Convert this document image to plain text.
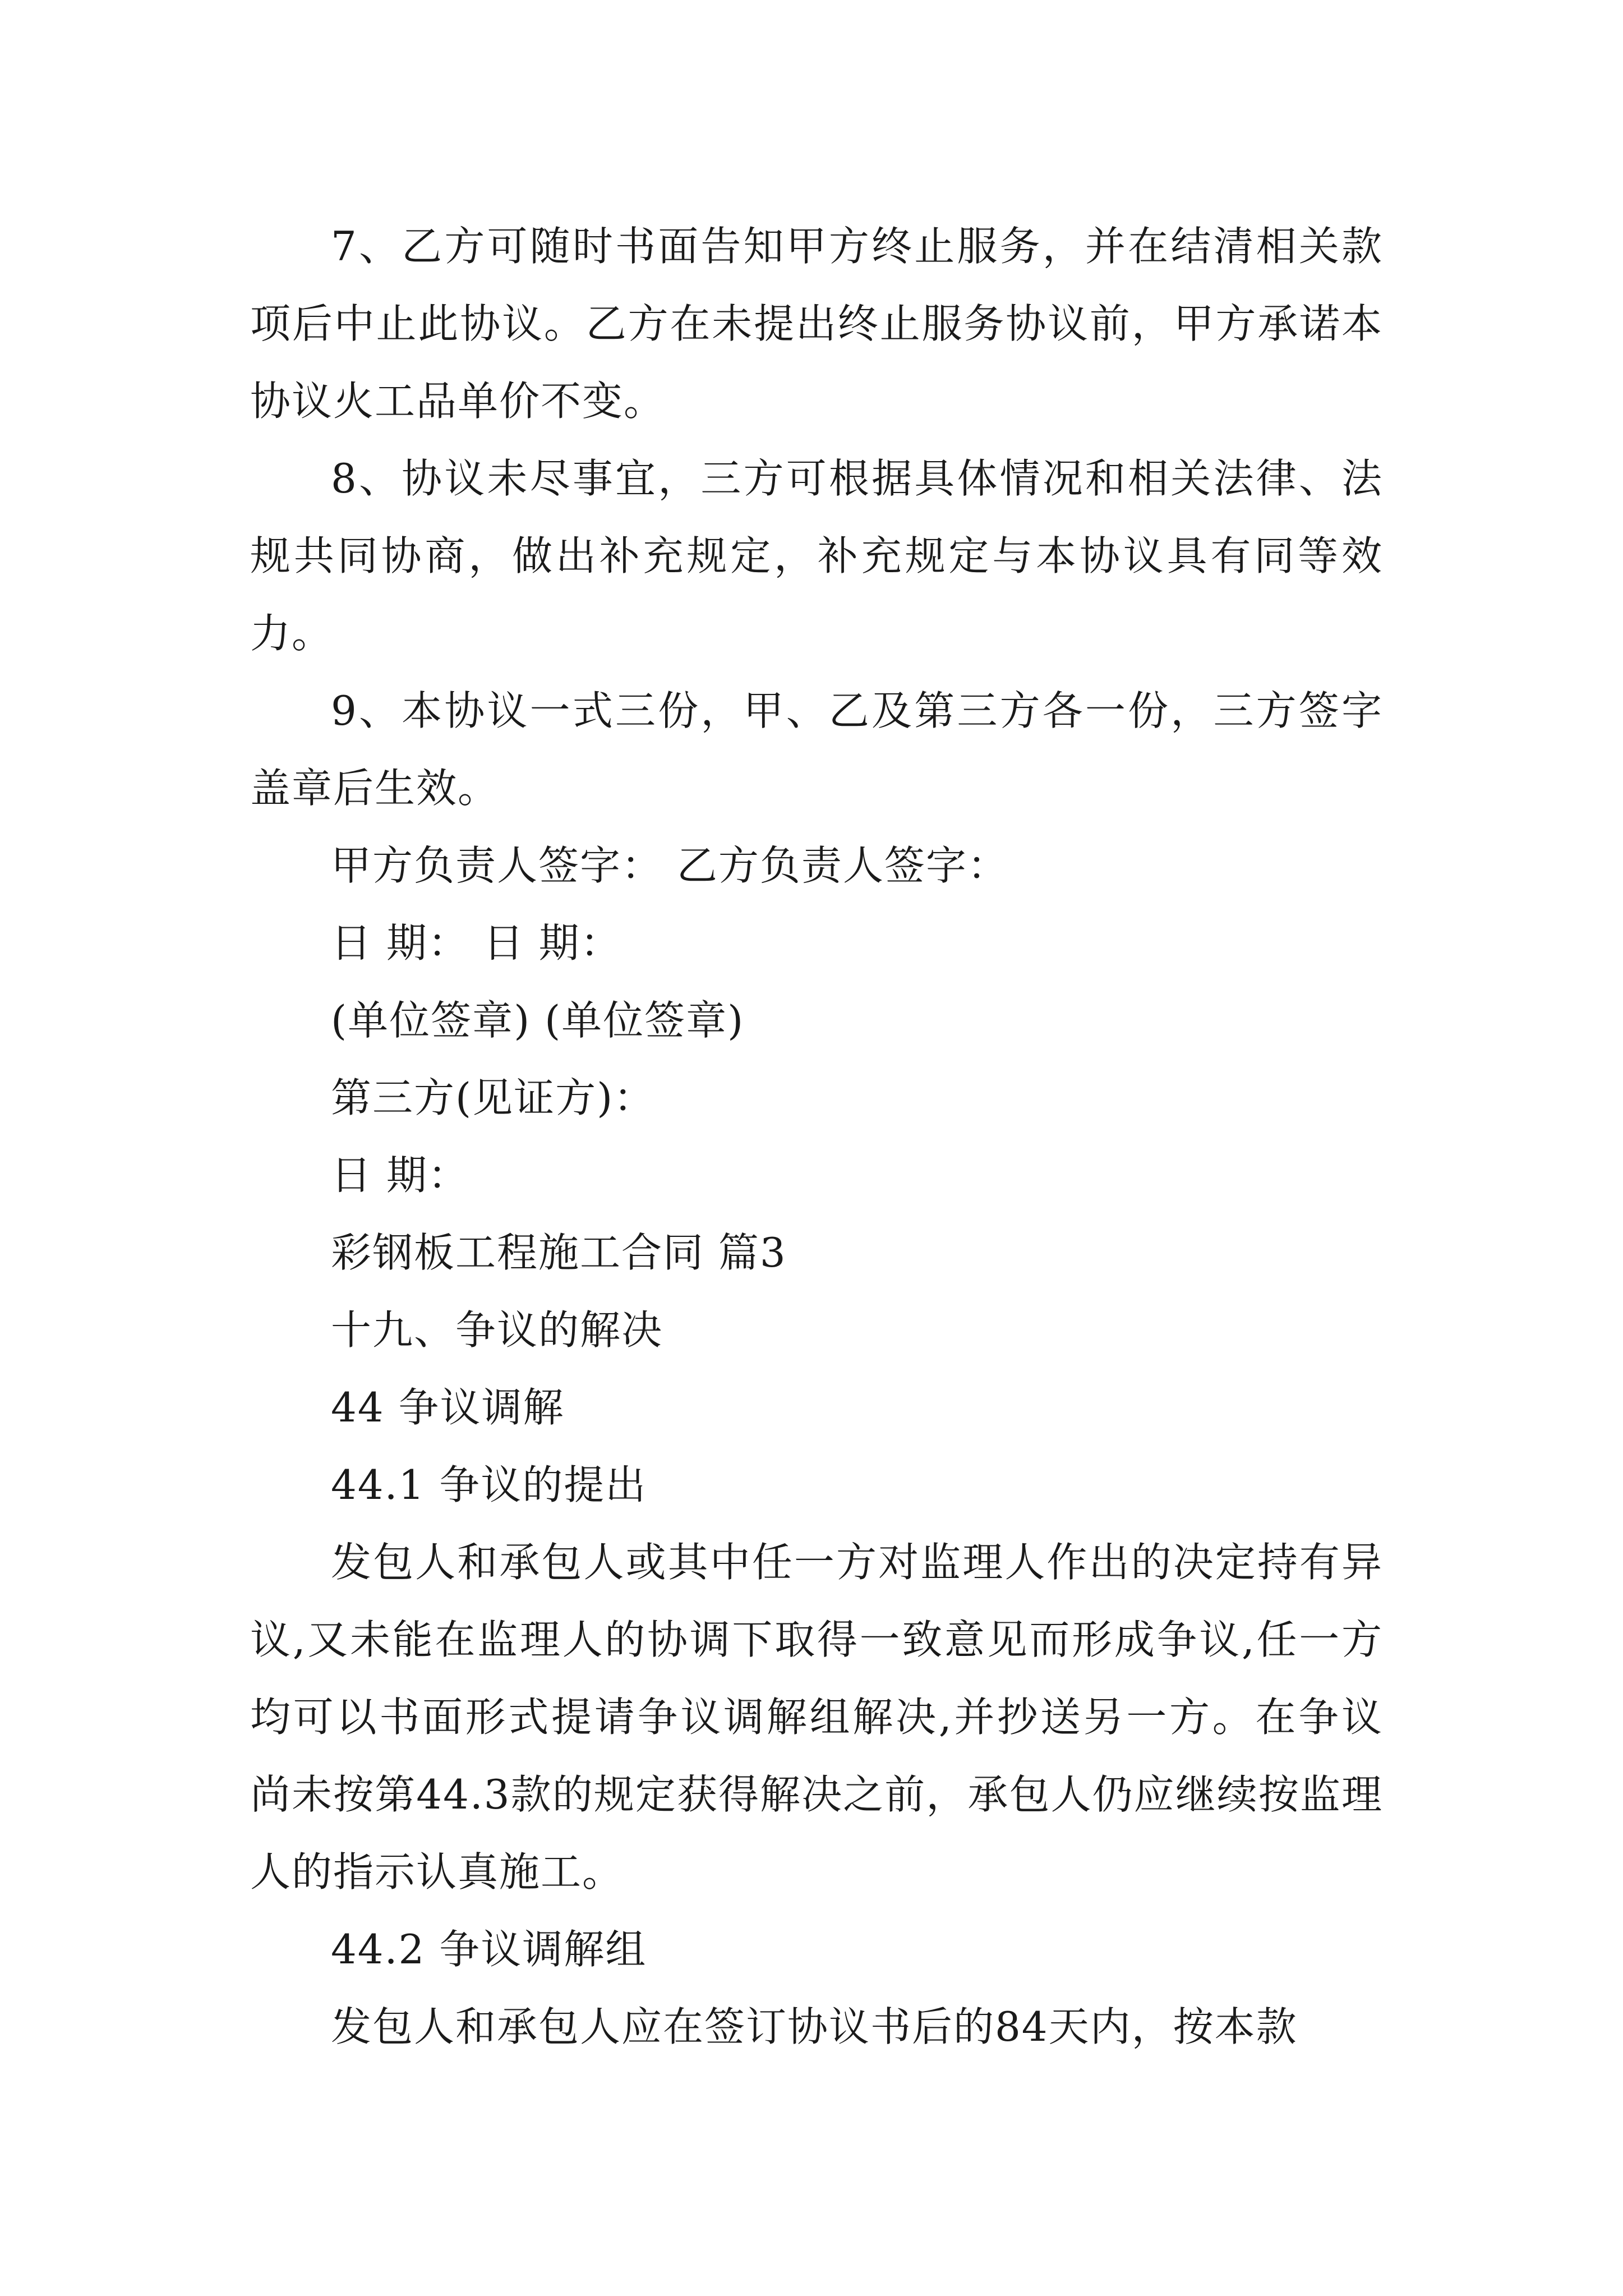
7、乙方可随时书面告知甲方终止服务，并在结清相关款项后中止此协议。乙方在未提出终止服务协议前，甲方承诺本协议火工品单价不变。

8、协议未尽事宜，三方可根据具体情况和相关法律、法规共同协商，做出补充规定，补充规定与本协议具有同等效力。

9、本协议一式三份，甲、乙及第三方各一份，三方签字盖章后生效。

甲方负责人签字： 乙方负责人签字：

日 期： 日 期：

(单位签章) (单位签章)

第三方(见证方)：

日 期：

彩钢板工程施工合同 篇3

十九、争议的解决

44 争议调解

44.1 争议的提出

发包人和承包人或其中任一方对监理人作出的决定持有异议,又未能在监理人的协调下取得一致意见而形成争议,任一方均可以书面形式提请争议调解组解决,并抄送另一方。在争议尚未按第44.3款的规定获得解决之前，承包人仍应继续按监理人的指示认真施工。

44.2 争议调解组

发包人和承包人应在签订协议书后的84天内，按本款
